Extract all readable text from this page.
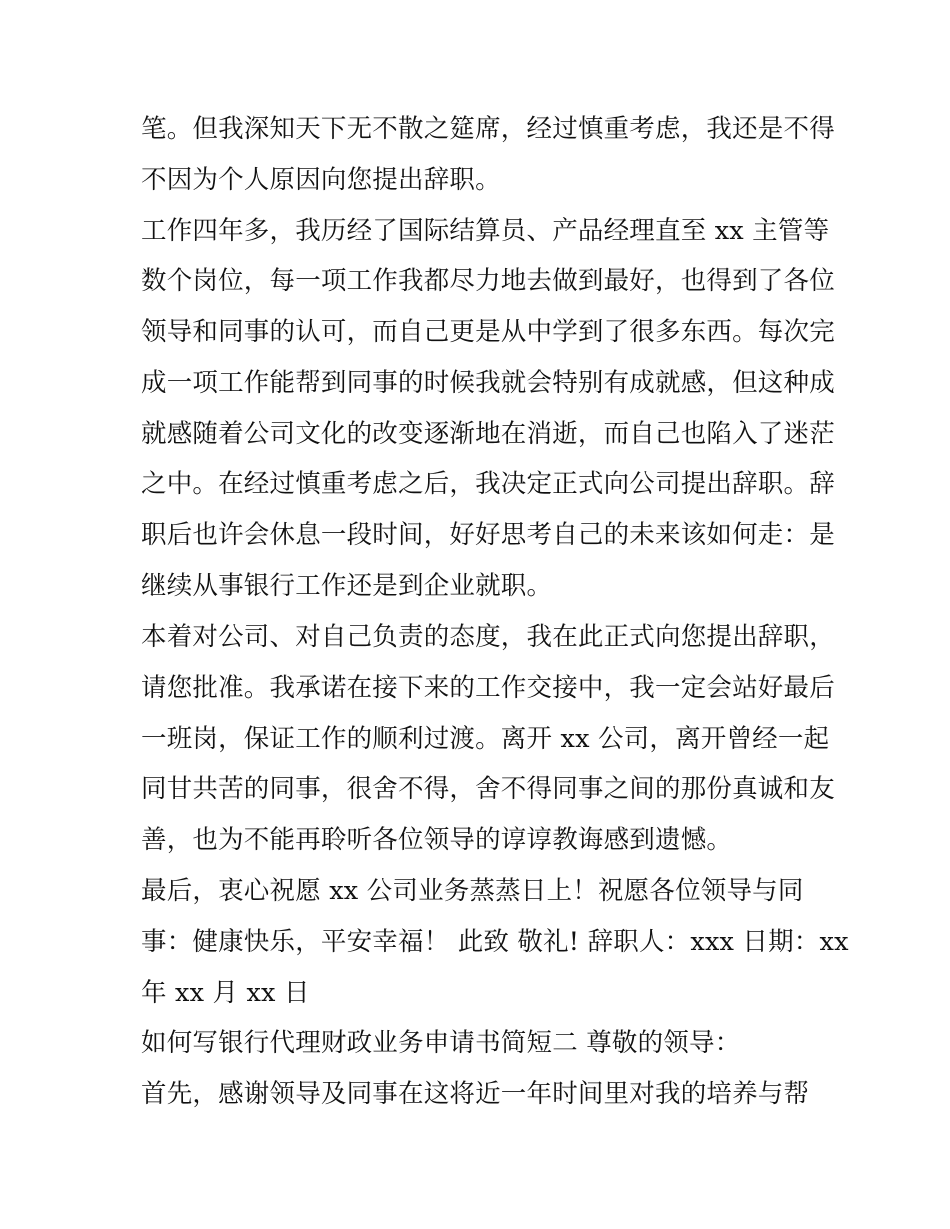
笔。但我深知天下无不散之筵席，经过慎重考虑，我还是不得
不因为个人原因向您提出辞职。
工作四年多，我历经了国际结算员、产品经理直至 xx 主管等
数个岗位，每一项工作我都尽力地去做到最好，也得到了各位
领导和同事的认可，而自己更是从中学到了很多东西。每次完
成一项工作能帮到同事的时候我就会特别有成就感，但这种成
就感随着公司文化的改变逐渐地在消逝，而自己也陷入了迷茫
之中。在经过慎重考虑之后，我决定正式向公司提出辞职。辞
职后也许会休息一段时间，好好思考自己的未来该如何走：是
继续从事银行工作还是到企业就职。
本着对公司、对自己负责的态度，我在此正式向您提出辞职，
请您批准。我承诺在接下来的工作交接中，我一定会站好最后
一班岗，保证工作的顺利过渡。离开 xx 公司，离开曾经一起
同甘共苦的同事，很舍不得，舍不得同事之间的那份真诚和友
善，也为不能再聆听各位领导的谆谆教诲感到遗憾。
最后，衷心祝愿 xx 公司业务蒸蒸日上！祝愿各位领导与同
事：健康快乐，平安幸福！ 此致 敬礼! 辞职人：xxx 日期：xx
年 xx 月 xx 日
如何写银行代理财政业务申请书简短二 尊敬的领导：
首先，感谢领导及同事在这将近一年时间里对我的培养与帮
